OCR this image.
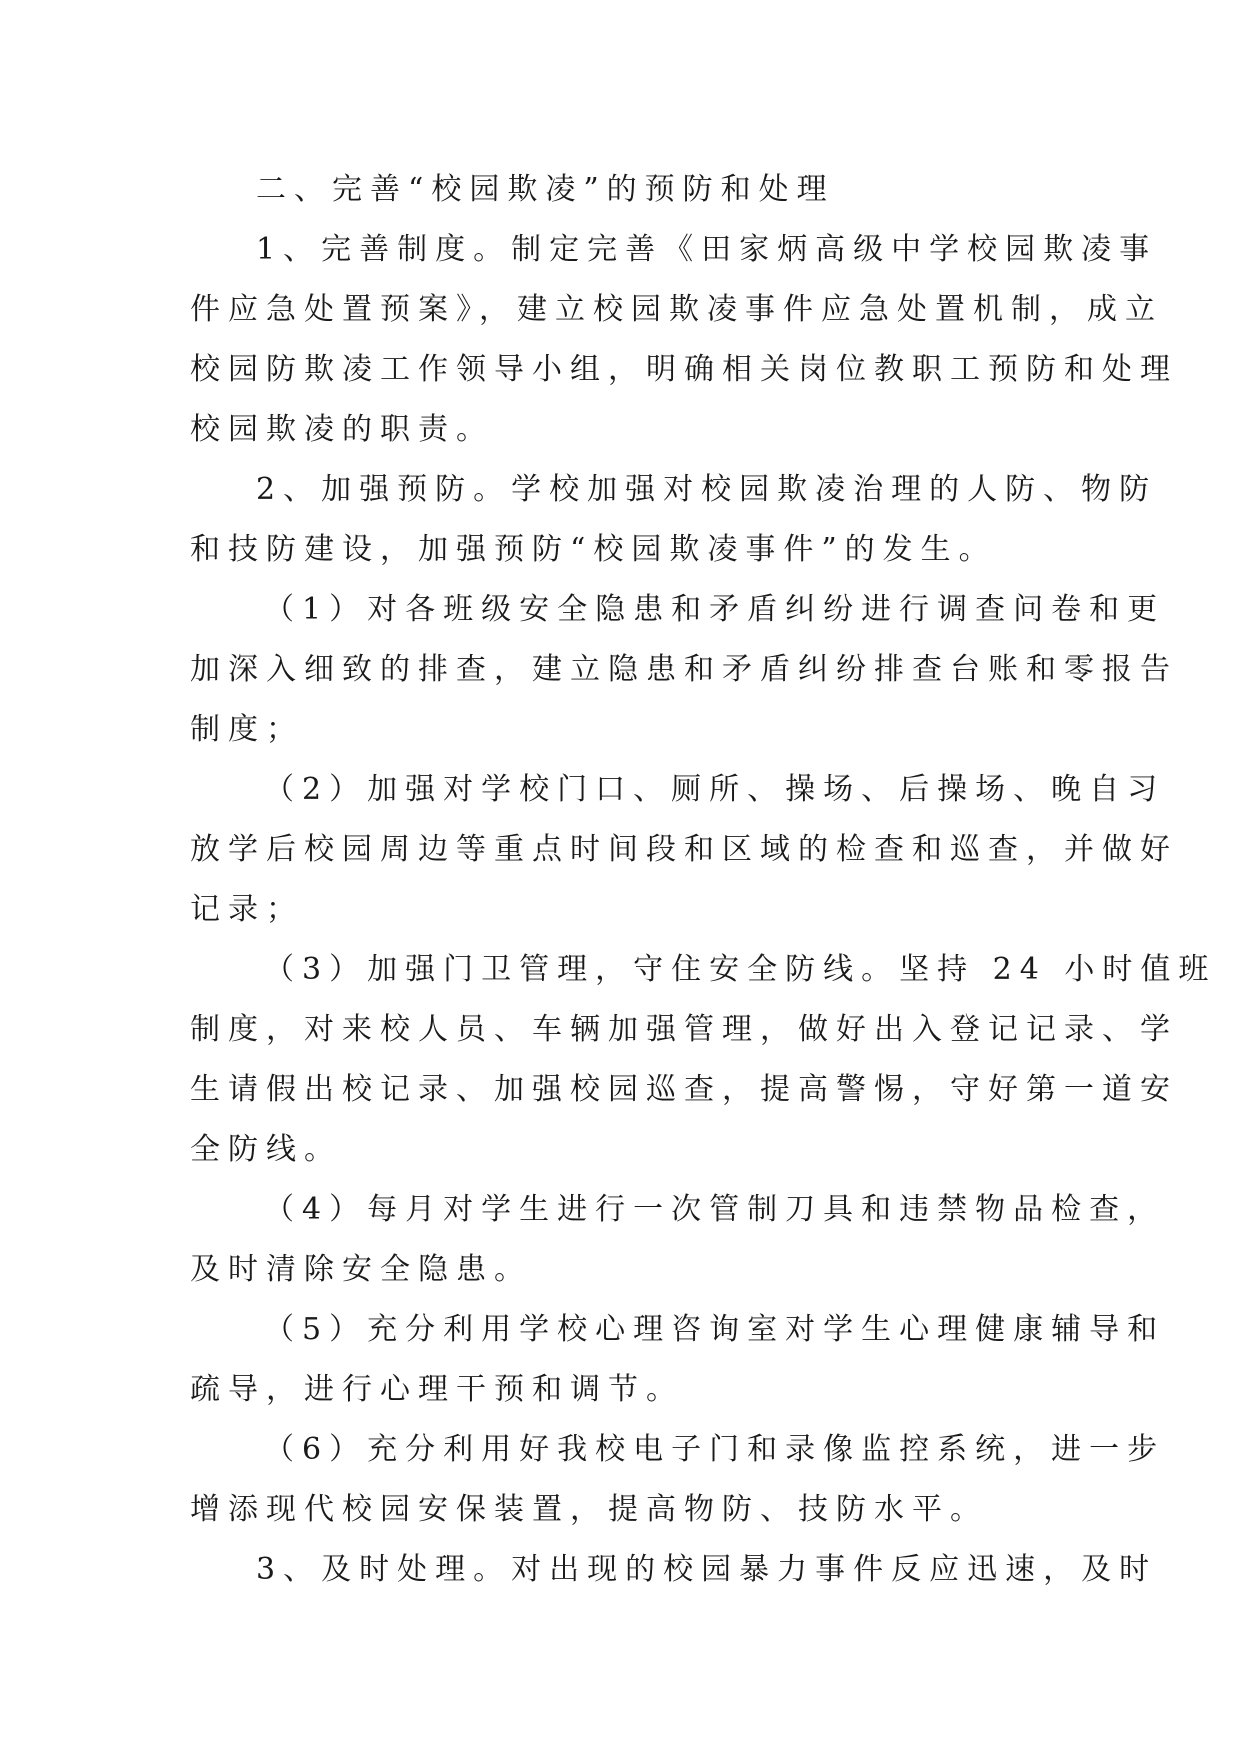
二、完善“校园欺凌”的预防和处理
1、完善制度。制定完善《田家炳高级中学校园欺凌事
件应急处置预案》，建立校园欺凌事件应急处置机制，成立
校园防欺凌工作领导小组，明确相关岗位教职工预防和处理
校园欺凌的职责。
2、加强预防。学校加强对校园欺凌治理的人防、物防
和技防建设，加强预防“校园欺凌事件”的发生。
（1）对各班级安全隐患和矛盾纠纷进行调查问卷和更
加深入细致的排查，建立隐患和矛盾纠纷排查台账和零报告
制度；
（2）加强对学校门口、厕所、操场、后操场、晚自习
放学后校园周边等重点时间段和区域的检查和巡查，并做好
记录；
（3）加强门卫管理，守住安全防线。坚持 24 小时值班
制度，对来校人员、车辆加强管理，做好出入登记记录、学
生请假出校记录、加强校园巡查，提高警惕，守好第一道安
全防线。
（4）每月对学生进行一次管制刀具和违禁物品检查，
及时清除安全隐患。
（5）充分利用学校心理咨询室对学生心理健康辅导和
疏导，进行心理干预和调节。
（6）充分利用好我校电子门和录像监控系统，进一步
增添现代校园安保装置，提高物防、技防水平。
3、及时处理。对出现的校园暴力事件反应迅速，及时
